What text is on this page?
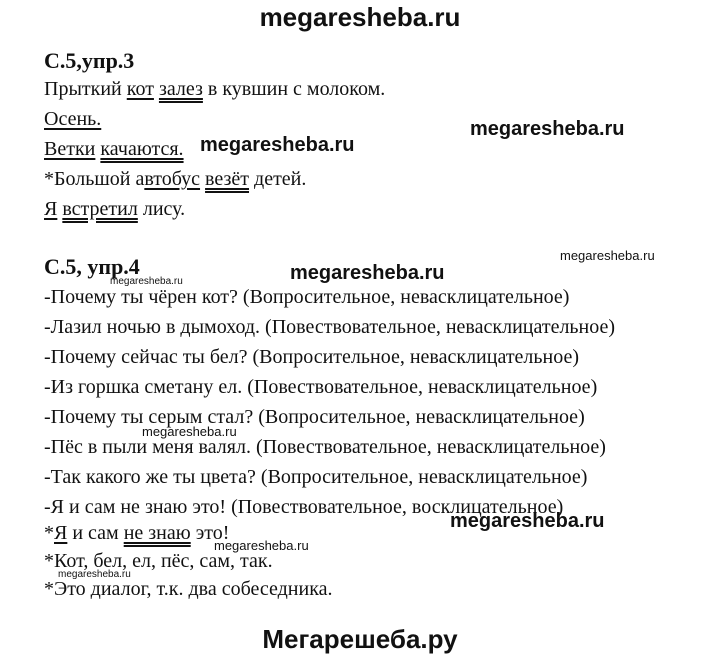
megaresheba.ru
С.5,упр.3
Прыткий кот залез в кувшин с молоком.
Осень.
Ветки качаются. megaresheba.ru
megaresheba.ru
*Большой автобус везёт детей.
Я встретил лису.
megaresheba.ru
С.5, упр.4	megaresheba.ru
megaresheba.ru
-Почему ты чёрен кот? (Вопросительное, невасклицательное)
-Лазил ночью в дымоход. (Повествовательное, невасклицательное)
-Почему сейчас ты бел? (Вопросительное, невасклицательное)
-Из горшка сметану ел. (Повествовательное, невасклицательное)
-Почему ты серым стал? (Вопросительное, невасклицательное)
megaresheba.ru
-Пёс в пыли меня валял. (Повествовательное, невасклицательное)
-Так какого же ты цвета? (Вопросительное, невасклицательное)
-Я и сам не знаю это! (Повествовательное, восклицательное)
megaresheba.ru
*Я и сам не знаю это!
megaresheba.ru
*Кот, бел, ел, пёс, сам, так.
megaresheba.ru
*Это диалог, т.к. два собеседника.
Мегарешеба.ру
